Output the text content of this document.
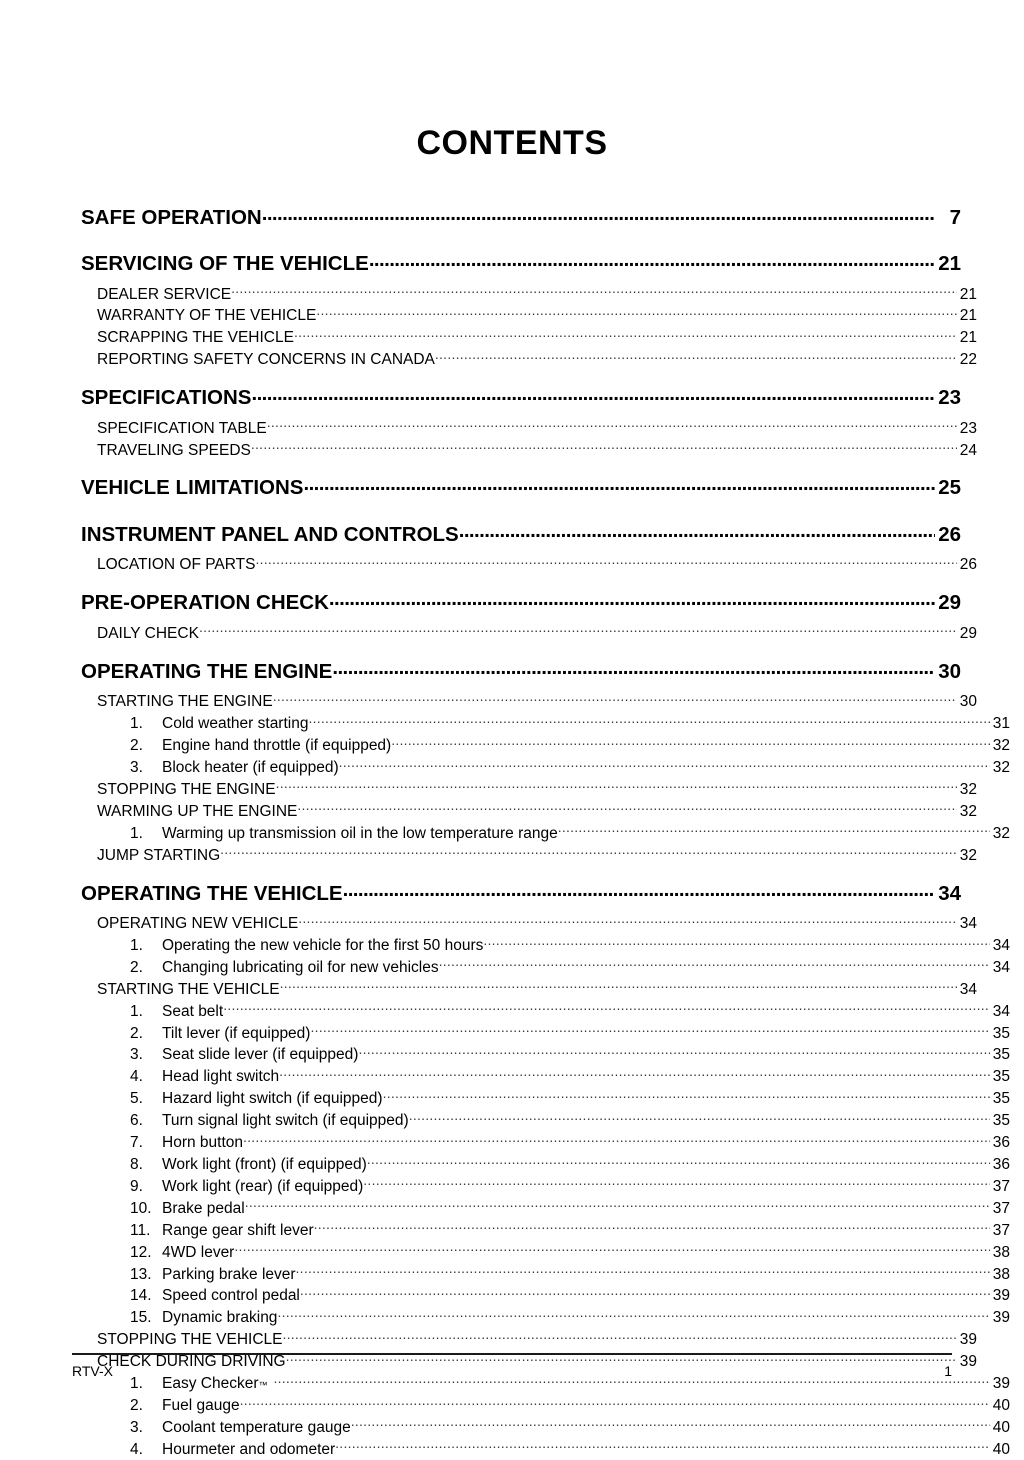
CONTENTS
SAFE OPERATION .....	7
SERVICING OF THE VEHICLE .....	21
DEALER SERVICE .....	21
WARRANTY OF THE VEHICLE .....	21
SCRAPPING THE VEHICLE .....	21
REPORTING SAFETY CONCERNS IN CANADA .....	22
SPECIFICATIONS .....	23
SPECIFICATION TABLE .....	23
TRAVELING SPEEDS .....	24
VEHICLE LIMITATIONS .....	25
INSTRUMENT PANEL AND CONTROLS .....	26
LOCATION OF PARTS .....	26
PRE-OPERATION CHECK .....	29
DAILY CHECK .....	29
OPERATING THE ENGINE .....	30
STARTING THE ENGINE .....	30
1.	Cold weather starting .....	31
2.	Engine hand throttle (if equipped) .....	32
3.	Block heater (if equipped) .....	32
STOPPING THE ENGINE .....	32
WARMING UP THE ENGINE .....	32
1.	Warming up transmission oil in the low temperature range .....	32
JUMP STARTING .....	32
OPERATING THE VEHICLE .....	34
OPERATING NEW VEHICLE .....	34
1.	Operating the new vehicle for the first 50 hours .....	34
2.	Changing lubricating oil for new vehicles .....	34
STARTING THE VEHICLE .....	34
1.	Seat belt .....	34
2.	Tilt lever (if equipped) .....	35
3.	Seat slide lever (if equipped) .....	35
4.	Head light switch .....	35
5.	Hazard light switch (if equipped) .....	35
6.	Turn signal light switch (if equipped) .....	35
7.	Horn button .....	36
8.	Work light (front) (if equipped) .....	36
9.	Work light (rear) (if equipped) .....	37
10. Brake pedal .....	37
11. Range gear shift lever .....	37
12. 4WD lever .....	38
13. Parking brake lever .....	38
14. Speed control pedal .....	39
15. Dynamic braking .....	39
STOPPING THE VEHICLE .....	39
CHECK DURING DRIVING .....	39
1.	Easy Checker ™ .....	39
2.	Fuel gauge .....	40
3.	Coolant temperature gauge .....	40
4.	Hourmeter and odometer .....	40
RTV-X	1
